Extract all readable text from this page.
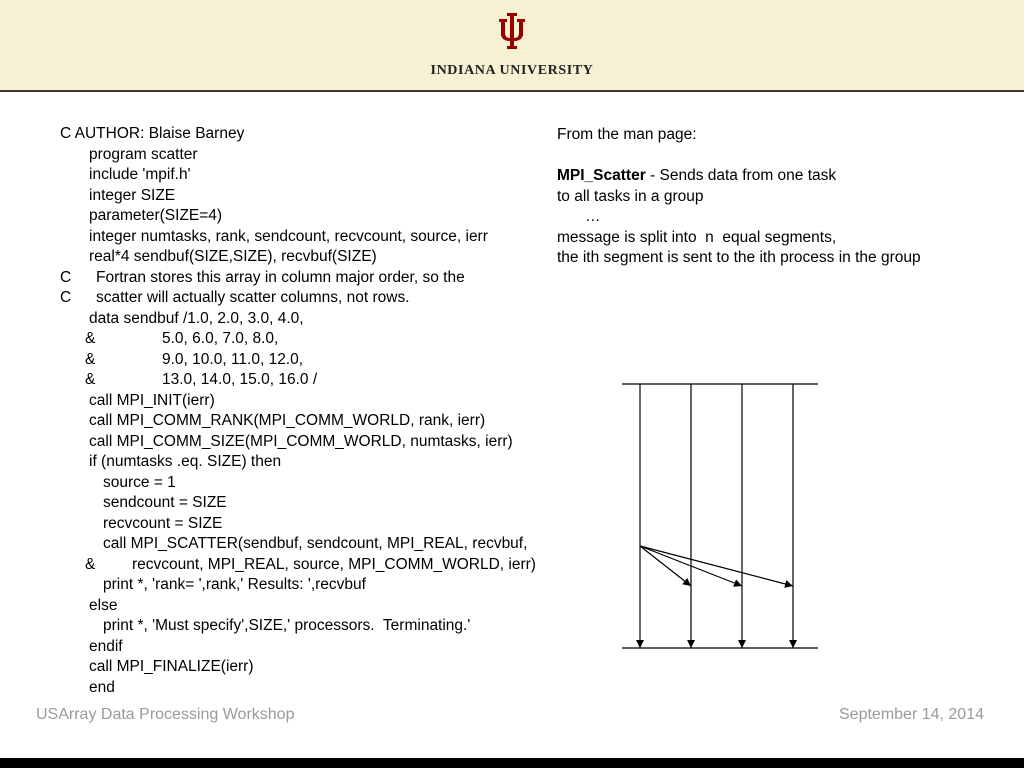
INDIANA UNIVERSITY
C AUTHOR: Blaise Barney
program scatter
include 'mpif.h'
integer SIZE
parameter(SIZE=4)
integer numtasks, rank, sendcount, recvcount, source, ierr
real*4 sendbuf(SIZE,SIZE), recvbuf(SIZE)
C Fortran stores this array in column major order, so the
C scatter will actually scatter columns, not rows.
data sendbuf /1.0, 2.0, 3.0, 4.0,
&	5.0, 6.0, 7.0, 8.0,
&	9.0, 10.0, 11.0, 12.0,
&	13.0, 14.0, 15.0, 16.0 /
call MPI_INIT(ierr)
call MPI_COMM_RANK(MPI_COMM_WORLD, rank, ierr)
call MPI_COMM_SIZE(MPI_COMM_WORLD, numtasks, ierr)
if (numtasks .eq. SIZE) then
source = 1
sendcount = SIZE
recvcount = SIZE
call MPI_SCATTER(sendbuf, sendcount, MPI_REAL, recvbuf,
& recvcount, MPI_REAL, source, MPI_COMM_WORLD, ierr)
print *, 'rank= ',rank,' Results: ',recvbuf
else
print *, 'Must specify',SIZE,' processors.  Terminating.'
endif
call MPI_FINALIZE(ierr)
end
From the man page:
MPI_Scatter - Sends data from one task
to all tasks in a group
…
message is split into  n  equal segments,
the ith segment is sent to the ith process in the group
USArray Data Processing Workshop	September 14, 2014
